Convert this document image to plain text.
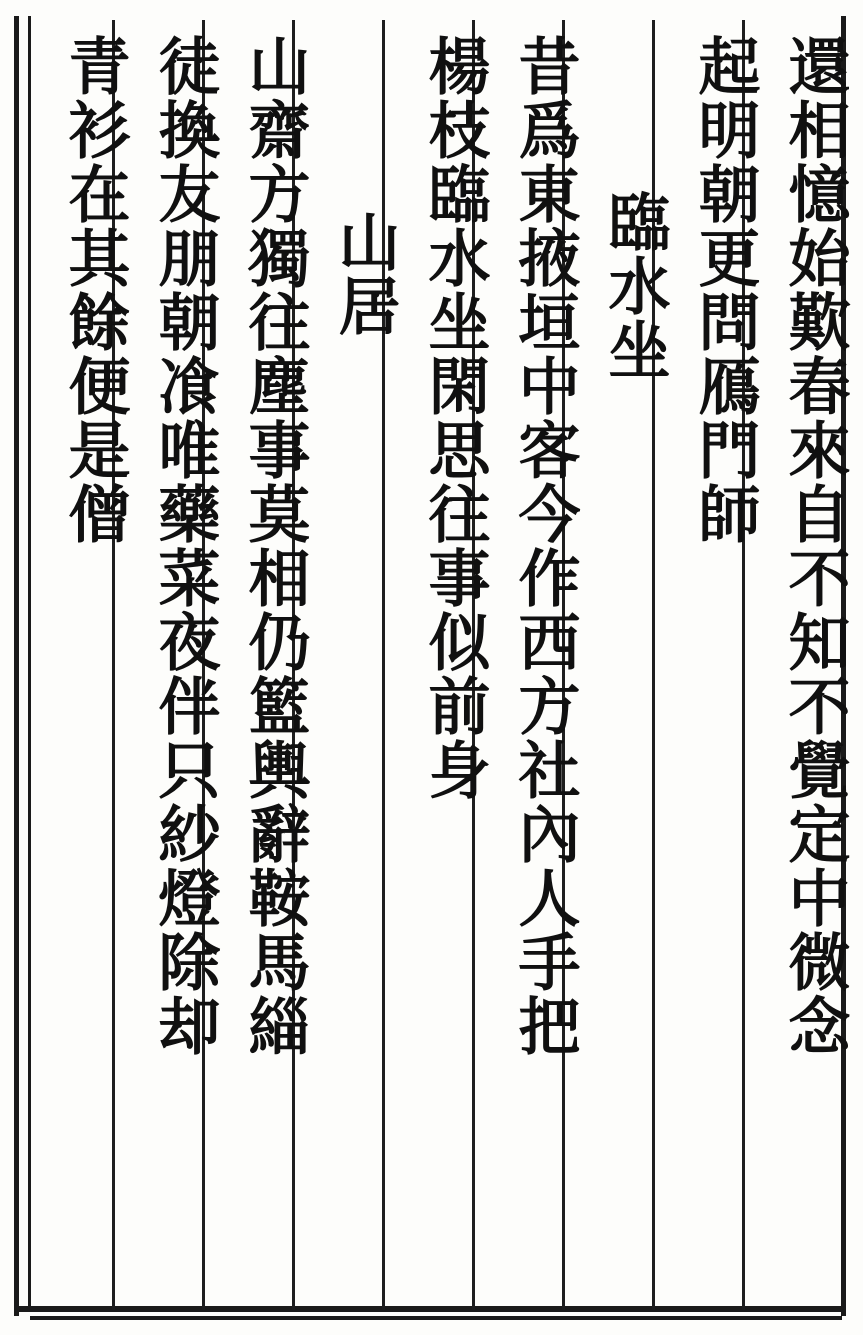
還相憶始歎春來自不知不覺定中微念
起明朝更問鴈門師
臨水坐
昔爲東掖垣中客今作西方社內人手把
楊枝臨水坐閑思往事似前身
山居
山齋方獨往塵事莫相仍籃輿辭鞍馬緇
徒換友朋朝飡唯藥菜夜伴只紗燈除却
青衫在其餘便是僧
